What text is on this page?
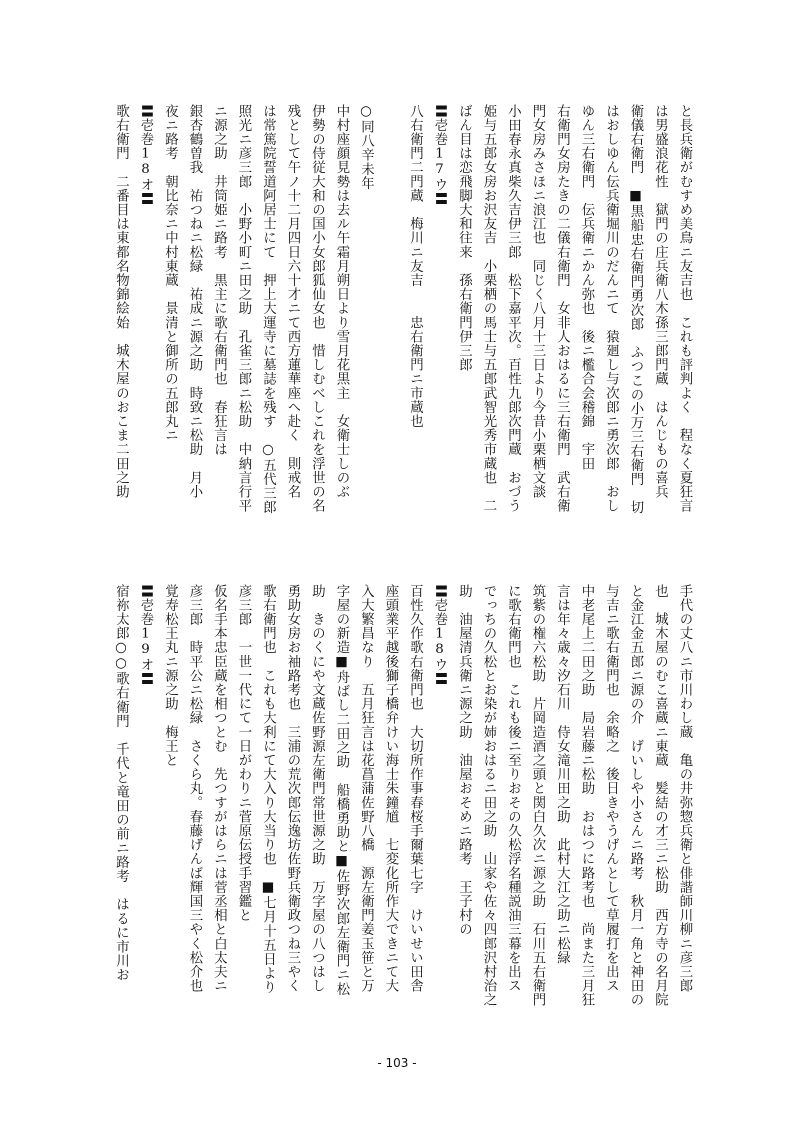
と長兵衛がむすめ美鳥ニ友吉也　これも評判よく　程なく夏狂言
は男盛浪花性　獄門の庄兵衛八木孫三郎門蔵　はんじもの喜兵
衛儀右衛門　■黒船忠右衛門勇次郎　ふつこの小万三右衛門　切
はおしゆん伝兵衛堀川のだんニて　猿廻し与次郎ニ勇次郎　おし
ゆん三右衛門　伝兵衛ニかん弥也　後ニ檻合会稽錦　宇田
右衛門女房たきの二儀右衛門　女非人おはるに三右衛門　武右衛
門女房みさほニ浪江也　同じく八月十三日より今昔小栗栖文談
小田春永真柴久吉伊三郎　松下嘉平次。百性九郎次門蔵　おづう
姫与五郎女房お沢友吉　小栗栖の馬士与五郎武智光秀市蔵也　二
ばん目は恋飛脚大和往来　孫右衛門伊三郎
〓壱巻17ウ〓
八右衛門二門蔵　梅川ニ友吉　　忠右衛門ニ市蔵也

○同八辛未年
中村座顔見勢は去ル午霜月朔日より雪月花黒主　女衛士しのぶ
伊勢の侍従大和の国小女郎狐仙女也　惜しむべしこれを浮世の名
残として午ノ十二月四日六十才ニて西方蓮華座へ赴く　則戒名
は常篤院誓道阿居士にて　押上大運寺に墓誌を残す　○五代三郎
照光ニ彦三郎　小野小町ニ田之助　孔雀三郎ニ松助　中納言行平
ニ源之助　井筒姫ニ路考　黒主に歌右衛門也　春狂言は
銀杏鶴曽我　祐つねニ松緑　祐成ニ源之助　時致ニ松助　月小
夜ニ路考　朝比奈ニ中村東蔵　景清と御所の五郎丸ニ
〓壱巻18オ〓
歌右衛門　二番目は東都名物錦絵始　城木屋のおこま二田之助
手代の丈八ニ市川わし蔵　亀の井弥惣兵衛と俳諧師川柳ニ彦三郎
也　城木屋のむこ喜蔵ニ東蔵　髪結の才三ニ松助　西方寺の名月院
と金江金五郎ニ源の介　げいしや小さんニ路考　秋月一角と神田の
与吉ニ歌右衛門也　余略之　後日きやうげんとして草履打を出ス
中老尾上二田之助　局岩藤ニ松助　おはつに路考也　尚また三月狂
言は年々歳々汐石川　侍女滝川田之助　此村大江之助ニ松緑
筑紫の権六松助　片岡造酒之頭と関白久次ニ源之助　石川五右衛門
に歌右衛門也　これも後ニ至りおその久松浮名種説油三幕を出ス
でっちの久松とお染が姉おはるニ田之助　山家や佐々四郎沢村治之
助　油屋清兵衛ニ源之助　油屋おそめニ路考　王子村の
〓壱巻18ウ〓
百性久作歌右衛門也　大切所作事春桜手爾葉七字　けいせい田舎
座頭業平越後獅子橋弁けい海士朱鐘馗　七変化所作大できニて大
入大繁昌なり　五月狂言は花菖蒲佐野八橋　源左衛門姜玉笹と万
字屋の新造■舟ばし二田之助　船橋勇助と■佐野次郎左衛門ニ松
助　きのくにや文蔵佐野源左衛門常世源之助　万字屋の八つはし
勇助女房お袖路考也　三浦の荒次郎伝逸坊佐野兵衛政つね三やく
歌右衛門也　これも大利にて大入り大当り也　■七月十五日より
彦三郎　一世一代にて一日がわりニ菅原伝授手習鑑と
仮名手本忠臣蔵を相つとむ　先つすがはらニは菅丞相と白太夫ニ
彦三郎　時平公ニ松緑　さくら丸。春藤げんば輝国三やく松介也
覚寿松王丸ニ源之助　梅王と
〓壱巻19オ〓
宿祢太郎○○歌右衛門　千代と竜田の前ニ路考　はるに市川お
- 103 -
